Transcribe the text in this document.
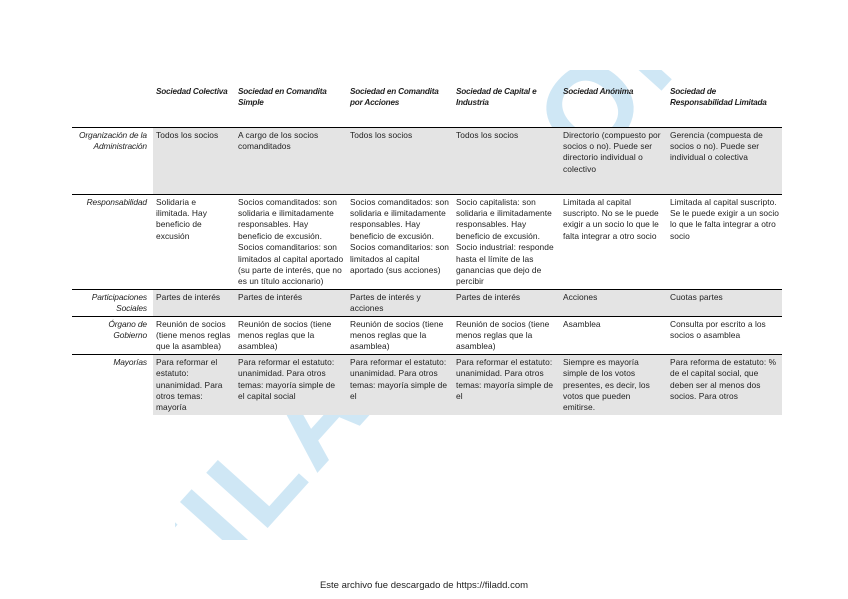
	Sociedad Colectiva	Sociedad en Comandita Simple	Sociedad en Comandita por Acciones	Sociedad de Capital e Industria	Sociedad Anónima	Sociedad de Responsabilidad Limitada
Organización de la Administración	Todos los socios	A cargo de los socios comanditados	Todos los socios	Todos los socios	Directorio (compuesto por socios o no). Puede ser directorio individual o colectivo	Gerencia (compuesta de socios o no). Puede ser individual o colectiva
Responsabilidad	Solidaria e ilimitada. Hay beneficio de excusión	Socios comanditados: son solidaria e ilimitadamente responsables. Hay beneficio de excusión. Socios comanditarios: son limitados al capital aportado (su parte de interés, que no es un título accionario)	Socios comanditados: son solidaria e ilimitadamente responsables. Hay beneficio de excusión. Socios comanditarios: son limitados al capital aportado (sus acciones)	Socio capitalista: son solidaria e ilimitadamente responsables. Hay beneficio de excusión. Socio industrial: responde hasta el límite de las ganancias que dejo de percibir	Limitada al capital suscripto. No se le puede exigir a un socio lo que le falta integrar a otro socio	Limitada al capital suscripto. Se le puede exigir a un socio lo que le falta integrar a otro socio
Participaciones Sociales	Partes de interés	Partes de interés	Partes de interés y acciones	Partes de interés	Acciones	Cuotas partes
Órgano de Gobierno	Reunión de socios (tiene menos reglas que la asamblea)	Reunión de socios (tiene menos reglas que la asamblea)	Reunión de socios (tiene menos reglas que la asamblea)	Reunión de socios (tiene menos reglas que la asamblea)	Asamblea	Consulta por escrito a los socios o asamblea
Mayorías	Para reformar el estatuto: unanimidad. Para otros temas: mayoría	Para reformar el estatuto: unanimidad. Para otros temas: mayoría simple de el capital social	Para reformar el estatuto: unanimidad. Para otros temas: mayoría simple de el	Para reformar el estatuto: unanimidad. Para otros temas: mayoría simple de el	Siempre es mayoría simple de los votos presentes, es decir, los votos que pueden emitirse.	Para reforma de estatuto: % de el capital social, que deben ser al menos dos socios. Para otros
Este archivo fue descargado de https://filadd.com
